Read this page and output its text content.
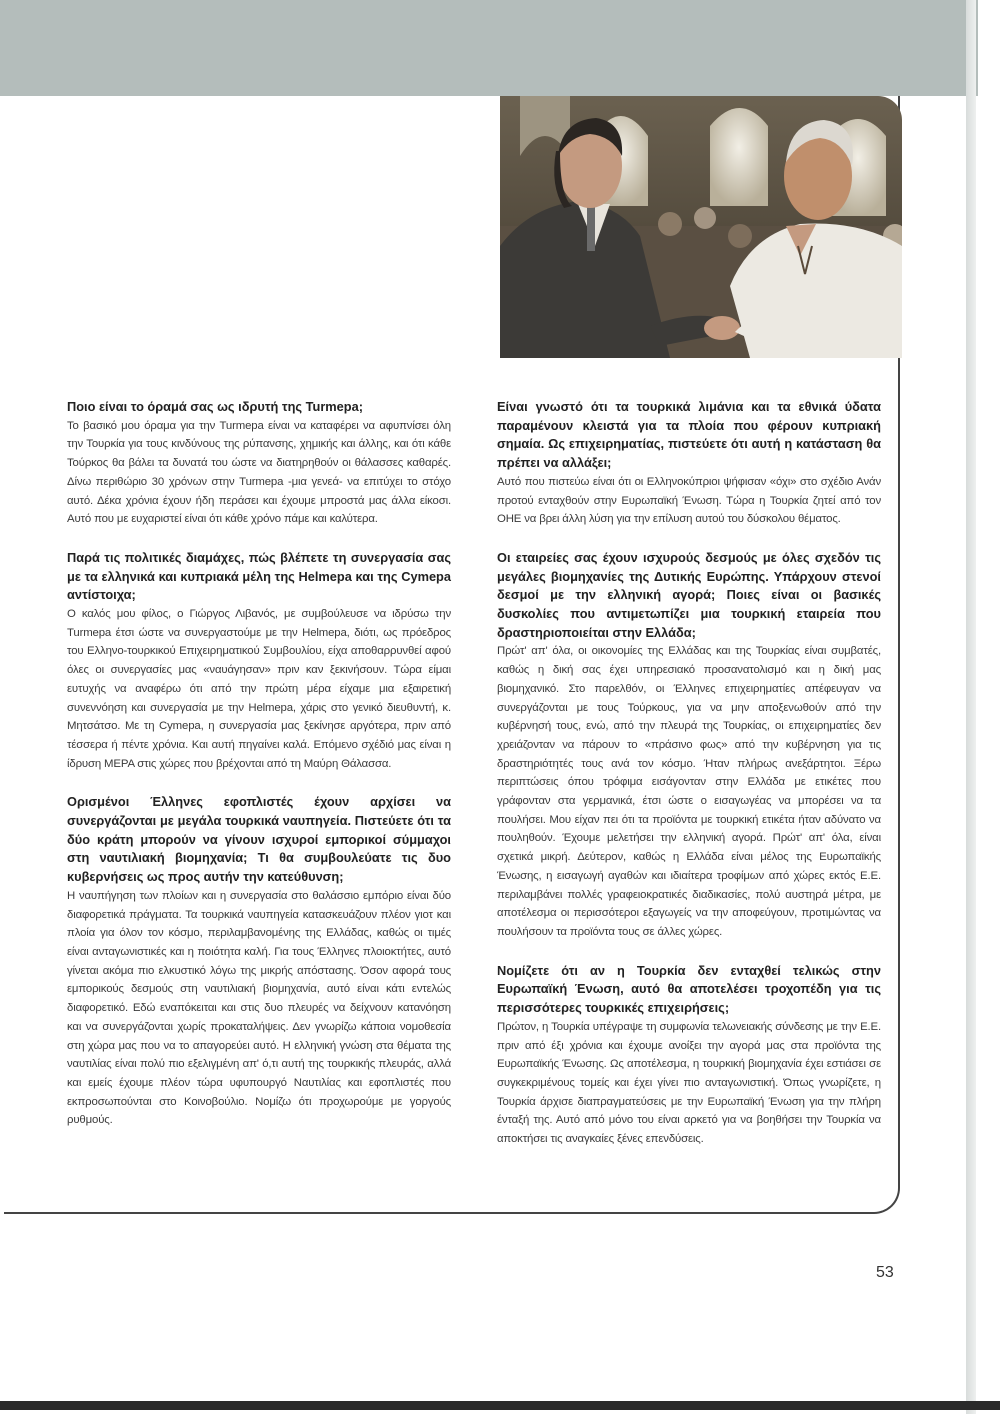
Ποιο είναι το όραμά σας ως ιδρυτή της Turmepa;

Το βασικό μου όραμα για την Turmepa είναι να καταφέρει να αφυπνίσει όλη την Τουρκία για τους κινδύνους της ρύπανσης, χημικής και άλλης, και ότι κάθε Τούρκος θα βάλει τα δυνατά του ώστε να διατηρηθούν οι θάλασσες καθαρές. Δίνω περιθώριο 30 χρόνων στην Turmepa -μια γενεά- να επιτύχει το στόχο αυτό. Δέκα χρόνια έχουν ήδη περάσει και έχουμε μπροστά μας άλλα είκοσι. Αυτό που με ευχαριστεί είναι ότι κάθε χρόνο πάμε και καλύτερα.

Παρά τις πολιτικές διαμάχες, πώς βλέπετε τη συνεργασία σας με τα ελληνικά και κυπριακά μέλη της Helmepa και της Cymepa αντίστοιχα;

Ο καλός μου φίλος, ο Γιώργος Λιβανός, με συμβούλευσε να ιδρύσω την Turmepa έτσι ώστε να συνεργαστούμε με την Helmepa, διότι, ως πρόεδρος του Ελληνο-τουρκικού Επιχειρηματικού Συμβουλίου, είχα αποθαρρυνθεί αφού όλες οι συνεργασίες μας «ναυάγησαν» πριν καν ξεκινήσουν. Τώρα είμαι ευτυχής να αναφέρω ότι από την πρώτη μέρα είχαμε μια εξαιρετική συνεννόηση και συνεργασία με την Helmepa, χάρις στο γενικό διευθυντή, κ. Μητσάτσο. Με τη Cymepa, η συνεργασία μας ξεκίνησε αργότερα, πριν από τέσσερα ή πέντε χρόνια. Και αυτή πηγαίνει καλά. Επόμενο σχέδιό μας είναι η ίδρυση MEPA στις χώρες που βρέχονται από τη Μαύρη Θάλασσα.

Ορισμένοι Έλληνες εφοπλιστές έχουν αρχίσει να συνεργάζονται με μεγάλα τουρκικά ναυπηγεία. Πιστεύετε ότι τα δύο κράτη μπορούν να γίνουν ισχυροί εμπορικοί σύμμαχοι στη ναυτιλιακή βιομηχανία; Τι θα συμβουλεύατε τις δυο κυβερνήσεις ως προς αυτήν την κατεύθυνση;

Η ναυπήγηση των πλοίων και η συνεργασία στο θαλάσσιο εμπόριο είναι δύο διαφορετικά πράγματα. Τα τουρκικά ναυπηγεία κατασκευάζουν πλέον γιοτ και πλοία για όλον τον κόσμο, περιλαμβανομένης της Ελλάδας, καθώς οι τιμές είναι ανταγωνιστικές και η ποιότητα καλή. Για τους Έλληνες πλοιοκτήτες, αυτό γίνεται ακόμα πιο ελκυστικό λόγω της μικρής απόστασης. Όσον αφορά τους εμπορικούς δεσμούς στη ναυτιλιακή βιομηχανία, αυτό είναι κάτι εντελώς διαφορετικό. Εδώ εναπόκειται και στις δυο πλευρές να δείχνουν κατανόηση και να συνεργάζονται χωρίς προκαταλήψεις. Δεν γνωρίζω κάποια νομοθεσία στη χώρα μας που να το απαγορεύει αυτό. Η ελληνική γνώση στα θέματα της ναυτιλίας είναι πολύ πιο εξελιγμένη απ' ό,τι αυτή της τουρκικής πλευράς, αλλά και εμείς έχουμε πλέον τώρα υφυπουργό Ναυτιλίας και εφοπλιστές που εκπροσωπούνται στο Κοινοβούλιο. Νομίζω ότι προχωρούμε με γοργούς ρυθμούς.

Είναι γνωστό ότι τα τουρκικά λιμάνια και τα εθνικά ύδατα παραμένουν κλειστά για τα πλοία που φέρουν κυπριακή σημαία. Ως επιχειρηματίας, πιστεύετε ότι αυτή η κατάσταση θα πρέπει να αλλάξει;

Αυτό που πιστεύω είναι ότι οι Ελληνοκύπριοι ψήφισαν «όχι» στο σχέδιο Ανάν προτού ενταχθούν στην Ευρωπαϊκή Ένωση. Τώρα η Τουρκία ζητεί από τον ΟΗΕ να βρει άλλη λύση για την επίλυση αυτού του δύσκολου θέματος.

Οι εταιρείες σας έχουν ισχυρούς δεσμούς με όλες σχεδόν τις μεγάλες βιομηχανίες της Δυτικής Ευρώπης. Υπάρχουν στενοί δεσμοί με την ελληνική αγορά; Ποιες είναι οι βασικές δυσκολίες που αντιμετωπίζει μια τουρκική εταιρεία που δραστηριοποιείται στην Ελλάδα;

Πρώτ' απ' όλα, οι οικονομίες της Ελλάδας και της Τουρκίας είναι συμβατές, καθώς η δική σας έχει υπηρεσιακό προσανατολισμό και η δική μας βιομηχανικό. Στο παρελθόν, οι Έλληνες επιχειρηματίες απέφευγαν να συνεργάζονται με τους Τούρκους, για να μην αποξενωθούν από την κυβέρνησή τους, ενώ, από την πλευρά της Τουρκίας, οι επιχειρηματίες δεν χρειάζονταν να πάρουν το «πράσινο φως» από την κυβέρνηση για τις δραστηριότητές τους ανά τον κόσμο. Ήταν πλήρως ανεξάρτητοι. Ξέρω περιπτώσεις όπου τρόφιμα εισάγονταν στην Ελλάδα με ετικέτες που γράφονταν στα γερμανικά, έτσι ώστε ο εισαγωγέας να μπορέσει να τα πουλήσει. Μου είχαν πει ότι τα προϊόντα με τουρκική ετικέτα ήταν αδύνατο να πουληθούν. Έχουμε μελετήσει την ελληνική αγορά. Πρώτ' απ' όλα, είναι σχετικά μικρή. Δεύτερον, καθώς η Ελλάδα είναι μέλος της Ευρωπαϊκής Ένωσης, η εισαγωγή αγαθών και ιδιαίτερα τροφίμων από χώρες εκτός Ε.Ε. περιλαμβάνει πολλές γραφειοκρατικές διαδικασίες, πολύ αυστηρά μέτρα, με αποτέλεσμα οι περισσότεροι εξαγωγείς να την αποφεύγουν, προτιμώντας να πουλήσουν τα προϊόντα τους σε άλλες χώρες.

Νομίζετε ότι αν η Τουρκία δεν ενταχθεί τελικώς στην Ευρωπαϊκή Ένωση, αυτό θα αποτελέσει τροχοπέδη για τις περισσότερες τουρκικές επιχειρήσεις;

Πρώτον, η Τουρκία υπέγραψε τη συμφωνία τελωνειακής σύνδεσης με την Ε.Ε. πριν από έξι χρόνια και έχουμε ανοίξει την αγορά μας στα προϊόντα της Ευρωπαϊκής Ένωσης. Ως αποτέλεσμα, η τουρκική βιομηχανία έχει εστιάσει σε συγκεκριμένους τομείς και έχει γίνει πιο ανταγωνιστική. Όπως γνωρίζετε, η Τουρκία άρχισε διαπραγματεύσεις με την Ευρωπαϊκή Ένωση για την πλήρη ένταξή της. Αυτό από μόνο του είναι αρκετό για να βοηθήσει την Τουρκία να αποκτήσει τις αναγκαίες ξένες επενδύσεις.

53
